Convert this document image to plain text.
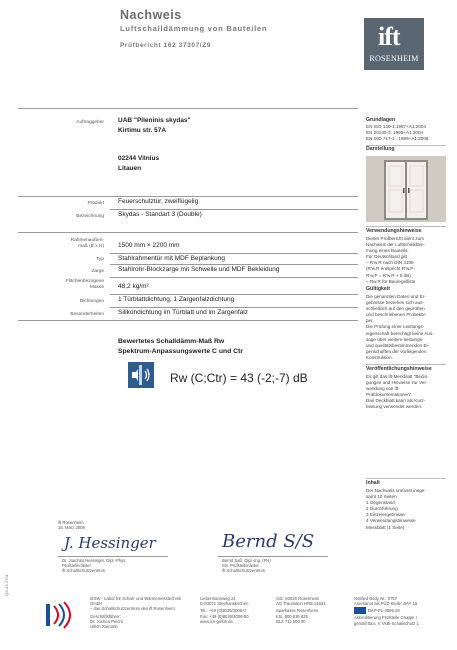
Nachweis
Luftschalldämmung von Bauteilen
Prüfbericht 162 37307/Z9	ift
ROSENHEIM
Auftraggeber UAB "Pileninis skydas"
Kirtimu str. 57A
02244 Vilnius
Litauen
Produkt Feuerschutztür, zweiflügelig
Bezeichnung Skydas - Standart 3 (Double)
Rahmenaußen-
maß (B x H) 1500 mm × 2200 mm
Typ Stahlrahmentür mit MDF Beplankung
Zarge Stahlrohr-Blockzarge mit Schwelle und MDF Bekleidung
Flächenbezogene
Masse 48,2 kg/m²
Dichtungen 1 Türblattdichtung, 1 Zargenfalzdichtung
Besonderheiten Silikondichtung im Türblatt und im Zargenfalz
Bewertetes Schalldämm-Maß Rw
Spektrum-Anpassungswerte C und Ctr
Rw (C;Ctr) = 43 (-2;-7) dB
Grundlagen
EN ISO 140-1:1997+A1:2004
EN 20140-3: 1995+A1:2004
EN ISO 717-1 : 1996+A1:2006
Darstellung
Verwendungshinweise
Dieser Prüfbericht dient zum
Nachweis der Luftschalldäm-
mung eines Bauteils.
Für Deutschland gilt
– R'w,R nach DIN 4109
(R'w,R entspricht R'w,P-
R'w,P = R'w,R + 5 dB)
– Rw,R für Bauregelliste
Gültigkeit
Die genannten Daten und Er-
gebnisse beziehen sich aus-
schließlich auf den geprüften
und beschriebenen Probekör-
per.
Die Prüfung einer Leistungs-
eigenschaft berechtigt keine Aus-
sage über weitere leistungs-
und qualitätsbestimmenden Ei-
genschaften der vorliegenden
Konstruktion.
Veröffentlichungshinweise
Es gilt das ift-Merkblatt "Bedin-
gungen und Hinweise zur Ver-
wendung von ift-
Prüfdokumentationen".
Das Deckblatt kann als Kurz-
fassung verwendet werden.
Inhalt
Der Nachweis umfasst insge-
samt 10 Seiten
1 Gegenstand
2 Durchführung
3 Einzelergebnisse
4 Verwendungshinweise
Messblatt (1 Seite)
ift Rosenheim
16. März 2009
J. Hessinger
Dr. Joachim Hessinger, Dipl.-Phys.
Prüfstellenleiter
ift Schallschutzzentrum
Bernd S/S
Bernd Saß, Dipl.-Ing. (FH)
Stv. Prüfstellenleiter
ift Schallschutzzentrum
QS-43-1701
IZSW - Labor für Schall- und Wärmemesstechnik GmbH
– das Schallschutzzentrum des ift Rosenheim
Geschäftsführer:
Dr. Jochen Peichl
Ulrich Rairomb
Liebermannweg 24
D-83071 Stephanskirchen
Tel.: +49 (0)8036/3006-0
Fax: +49 (0)8036/3006-50
www.ics-gmbh.de
Sitz: 83026 Rosenheim
AG Traunstein HRB 14631
Sparkasse Rosenheim
Kto. 900 636 826
BLZ 711 500 00
Notified Body Nr.: 0757
Anerkannt als PÜZ-Stelle: BAY 18
DAP-PL-3896.28
Akkreditierung Prüfstelle Gruppe I
gemäß BLs. V VkBl-Schallschutz 1
